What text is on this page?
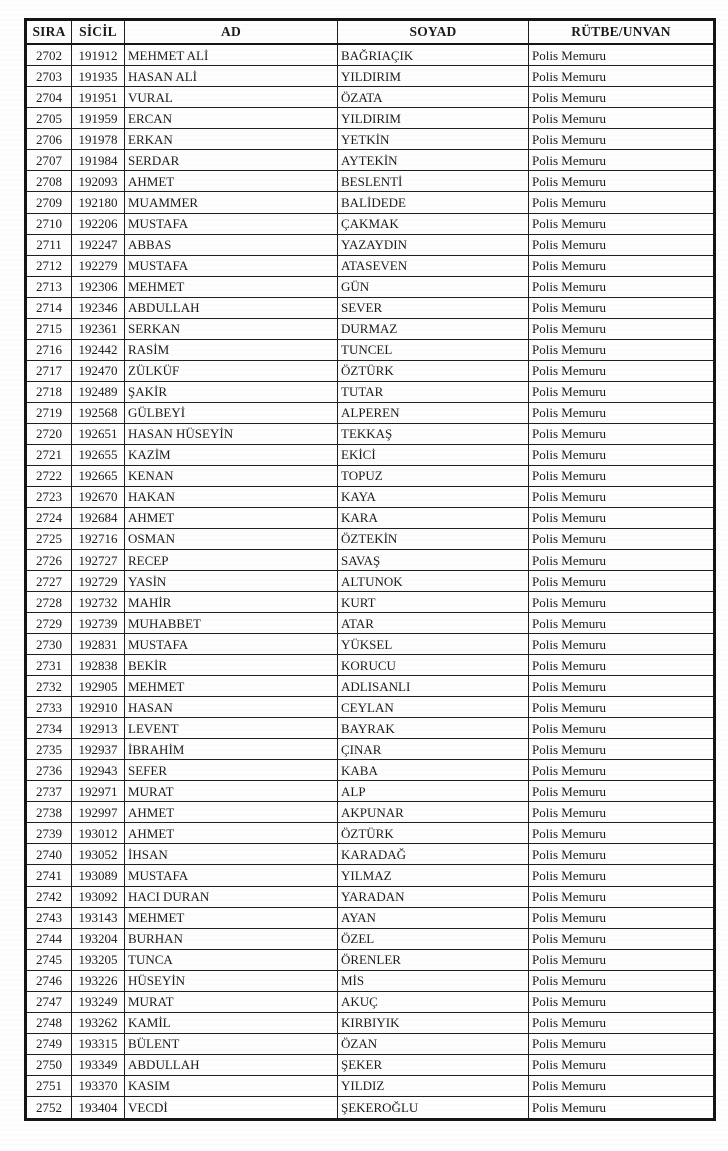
SIRA	SİCİL	AD	SOYAD	RÜTBE/UNVAN
2702	191912	MEHMET ALİ	BAĞRIAÇIK	Polis Memuru
2703	191935	HASAN ALİ	YILDIRIM	Polis Memuru
2704	191951	VURAL	ÖZATA	Polis Memuru
2705	191959	ERCAN	YILDIRIM	Polis Memuru
2706	191978	ERKAN	YETKİN	Polis Memuru
2707	191984	SERDAR	AYTEKİN	Polis Memuru
2708	192093	AHMET	BESLENTİ	Polis Memuru
2709	192180	MUAMMER	BALİDEDE	Polis Memuru
2710	192206	MUSTAFA	ÇAKMAK	Polis Memuru
2711	192247	ABBAS	YAZAYDIN	Polis Memuru
2712	192279	MUSTAFA	ATASEVEN	Polis Memuru
2713	192306	MEHMET	GÜN	Polis Memuru
2714	192346	ABDULLAH	SEVER	Polis Memuru
2715	192361	SERKAN	DURMAZ	Polis Memuru
2716	192442	RASİM	TUNCEL	Polis Memuru
2717	192470	ZÜLKÜF	ÖZTÜRK	Polis Memuru
2718	192489	ŞAKİR	TUTAR	Polis Memuru
2719	192568	GÜLBEYİ	ALPEREN	Polis Memuru
2720	192651	HASAN HÜSEYİN	TEKKAŞ	Polis Memuru
2721	192655	KAZİM	EKİCİ	Polis Memuru
2722	192665	KENAN	TOPUZ	Polis Memuru
2723	192670	HAKAN	KAYA	Polis Memuru
2724	192684	AHMET	KARA	Polis Memuru
2725	192716	OSMAN	ÖZTEKİN	Polis Memuru
2726	192727	RECEP	SAVAŞ	Polis Memuru
2727	192729	YASİN	ALTUNOK	Polis Memuru
2728	192732	MAHİR	KURT	Polis Memuru
2729	192739	MUHABBET	ATAR	Polis Memuru
2730	192831	MUSTAFA	YÜKSEL	Polis Memuru
2731	192838	BEKİR	KORUCU	Polis Memuru
2732	192905	MEHMET	ADLISANLI	Polis Memuru
2733	192910	HASAN	CEYLAN	Polis Memuru
2734	192913	LEVENT	BAYRAK	Polis Memuru
2735	192937	İBRAHİM	ÇINAR	Polis Memuru
2736	192943	SEFER	KABA	Polis Memuru
2737	192971	MURAT	ALP	Polis Memuru
2738	192997	AHMET	AKPUNAR	Polis Memuru
2739	193012	AHMET	ÖZTÜRK	Polis Memuru
2740	193052	İHSAN	KARADAĞ	Polis Memuru
2741	193089	MUSTAFA	YILMAZ	Polis Memuru
2742	193092	HACI DURAN	YARADAN	Polis Memuru
2743	193143	MEHMET	AYAN	Polis Memuru
2744	193204	BURHAN	ÖZEL	Polis Memuru
2745	193205	TUNCA	ÖRENLER	Polis Memuru
2746	193226	HÜSEYİN	MİS	Polis Memuru
2747	193249	MURAT	AKUÇ	Polis Memuru
2748	193262	KAMİL	KIRBIYIK	Polis Memuru
2749	193315	BÜLENT	ÖZAN	Polis Memuru
2750	193349	ABDULLAH	ŞEKER	Polis Memuru
2751	193370	KASIM	YILDIZ	Polis Memuru
2752	193404	VECDİ	ŞEKEROĞLU	Polis Memuru
